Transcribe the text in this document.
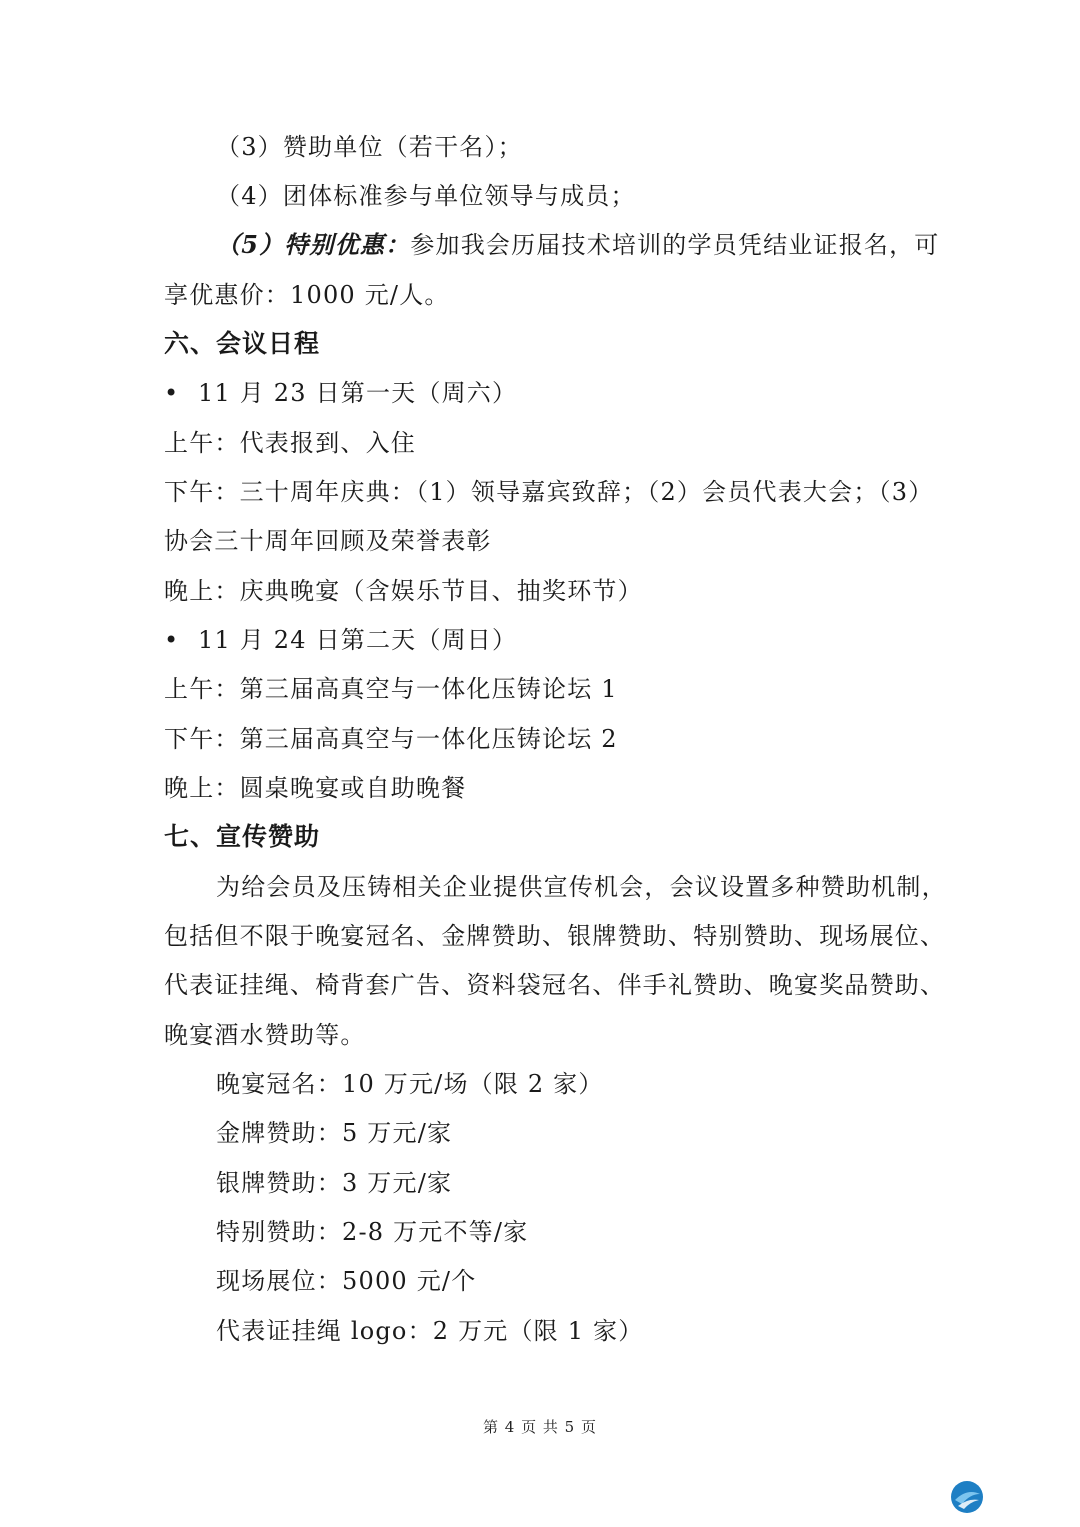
（3）赞助单位（若干名）；
（4）团体标准参与单位领导与成员；
（5）特别优惠：参加我会历届技术培训的学员凭结业证报名，可
享优惠价：1000 元/人。
六、会议日程
• 11 月 23 日第一天（周六）
上午：代表报到、入住
下午：三十周年庆典：（1）领导嘉宾致辞；（2）会员代表大会；（3）
协会三十周年回顾及荣誉表彰
晚上：庆典晚宴（含娱乐节目、抽奖环节）
• 11 月 24 日第二天（周日）
上午：第三届高真空与一体化压铸论坛 1
下午：第三届高真空与一体化压铸论坛 2
晚上：圆桌晚宴或自助晚餐
七、宣传赞助
为给会员及压铸相关企业提供宣传机会，会议设置多种赞助机制，
包括但不限于晚宴冠名、金牌赞助、银牌赞助、特别赞助、现场展位、
代表证挂绳、椅背套广告、资料袋冠名、伴手礼赞助、晚宴奖品赞助、
晚宴酒水赞助等。
晚宴冠名：10 万元/场（限 2 家）
金牌赞助：5 万元/家
银牌赞助：3 万元/家
特别赞助：2-8 万元不等/家
现场展位：5000 元/个
代表证挂绳 logo：2 万元（限 1 家）
第 4 页 共 5 页
